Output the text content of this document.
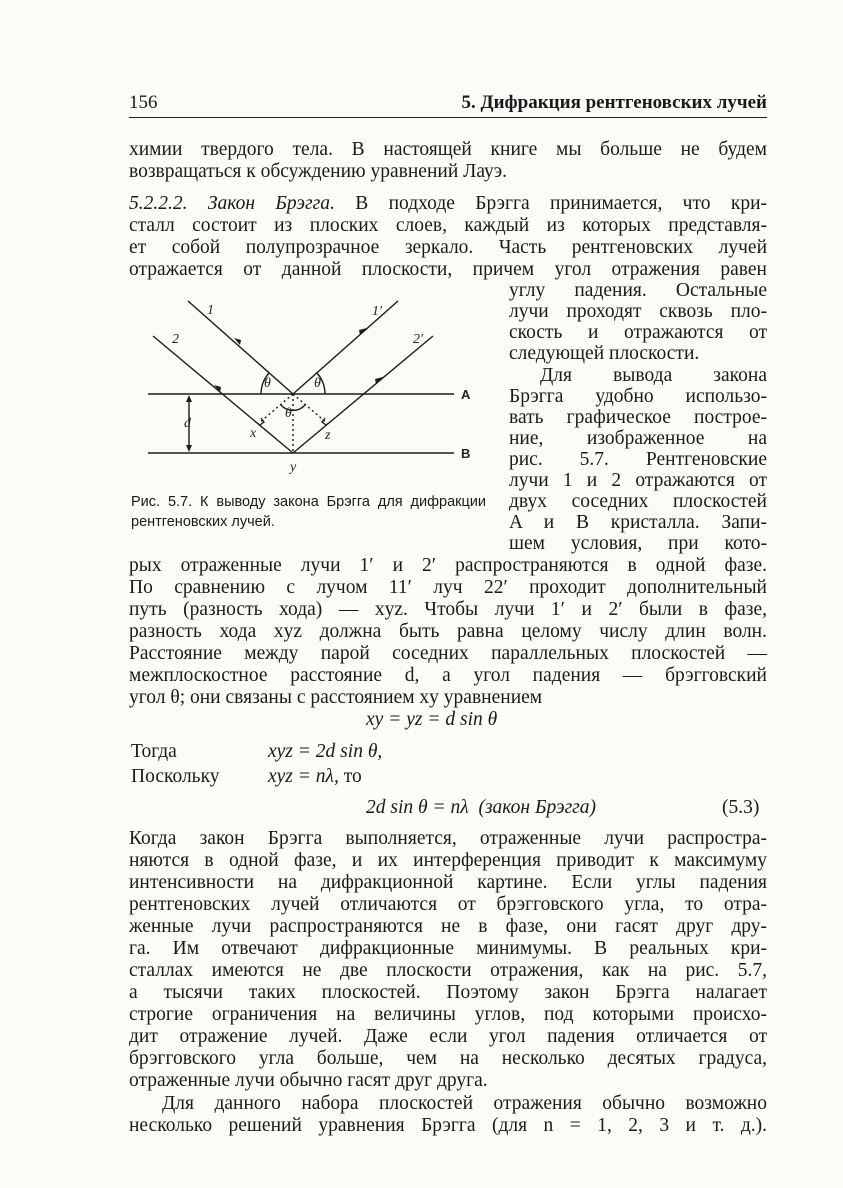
156	5. Дифракция рентгеновских лучей

химии твердого тела. В настоящей книге мы больше не будем

возвращаться к обсуждению уравнений Лауэ.

5.2.2.2. Закон Брэгга. В подходе Брэгга принимается, что кри-

сталл состоит из плоских слоев, каждый из которых представля-

ет собой полупрозрачное зеркало. Часть рентгеновских лучей

отражается от данной плоскости, причем угол отражения равен

углу падения. Остальные

лучи проходят сквозь пло-

скость и отражаются от

следующей плоскости.

Для вывода закона

Брэгга удобно использо-

вать графическое построе-

ние, изображенное на

рис. 5.7. Рентгеновские

лучи 1 и 2 отражаются от

двух соседних плоскостей

A и B кристалла. Запи-

шем условия, при кото-

1
2
1′
2′
θ	θ
θ
A
B
d
x	z
y

Рис. 5.7. К выводу закона Брэгга для дифракции рентгеновских лучей.

рых отраженные лучи 1′ и 2′ распространяются в одной фазе.

По сравнению с лучом 11′ луч 22′ проходит дополнительный

путь (разность хода) — xyz. Чтобы лучи 1′ и 2′ были в фазе,

разность хода xyz должна быть равна целому числу длин волн.

Расстояние между парой соседних параллельных плоскостей —

межплоскостное расстояние d, а угол падения — брэгговский

угол θ; они связаны с расстоянием xy уравнением

xy = yz = d sin θ
Тогда	xyz = 2d sin θ,
Поскольку xyz = nλ, то
2d sin θ = nλ (закон Брэгга)	(5.3)

Когда закон Брэгга выполняется, отраженные лучи распростра-

няются в одной фазе, и их интерференция приводит к максимуму

интенсивности на дифракционной картине. Если углы падения

рентгеновских лучей отличаются от брэгговского угла, то отра-

женные лучи распространяются не в фазе, они гасят друг дру-

га. Им отвечают дифракционные минимумы. В реальных кри-

сталлах имеются не две плоскости отражения, как на рис. 5.7,

а тысячи таких плоскостей. Поэтому закон Брэгга налагает

строгие ограничения на величины углов, под которыми происхо-

дит отражение лучей. Даже если угол падения отличается от

брэгговского угла больше, чем на несколько десятых градуса,

отраженные лучи обычно гасят друг друга.

Для данного набора плоскостей отражения обычно возможно

несколько решений уравнения Брэгга (для n = 1, 2, 3 и т. д.).
